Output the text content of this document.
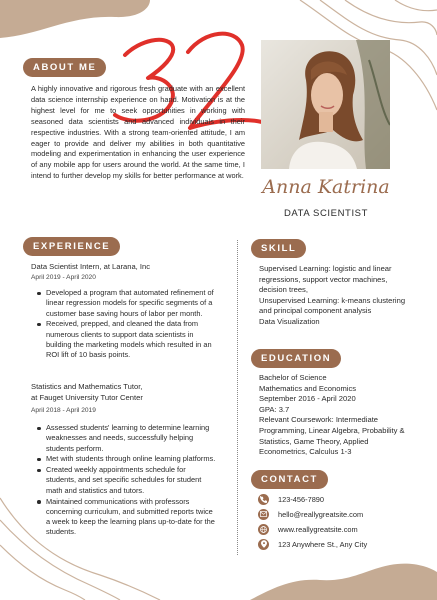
ABOUT ME

A highly innovative and rigorous fresh graduate with an excellent data science internship experience on hand. Motivation is at the highest level for me to seek opportunities in working with seasoned data scientists and advanced individuals in their respective industries. With a strong team-oriented attitude, I am eager to provide and deliver my abilities in both quantitative modeling and experimentation in enhancing the user experience of any mobile app for users around the world. At the same time, I intend to further develop my skills for better performance at work.

Anna Katrina
DATA SCIENTIST
EXPERIENCE
Data Scientist Intern, at Larana, Inc
April 2019 - April 2020
Developed a program that automated refinement of linear regression models for specific segments of a customer base saving hours of labor per month.
Received, prepped, and cleaned the data from numerous clients to support data scientists in building the marketing models which resulted in an ROI lift of 10 basis points.
Statistics and Mathematics Tutor,
at Fauget University Tutor Center
April 2018 - April 2019
Assessed students' learning to determine learning weaknesses and needs, successfully helping students perform.
Met with students through online learning platforms.
Created weekly appointments schedule for students, and set specific schedules for student math and statistics and tutors.
Maintained communications with professors concerning curriculum, and submitted reports twice a week to keep the learning plans up-to-date for the students.
SKILL
Supervised Learning: logistic and linear regressions, support vector machines, decision trees,
Unsupervised Learning: k-means clustering and principal component analysis
Data Visualization
EDUCATION
Bachelor of Science
Mathematics and Economics
September 2016 - April 2020
GPA: 3.7
Relevant Coursework: Intermediate Programming, Linear Algebra, Probability & Statistics, Game Theory, Applied Econometrics, Calculus 1-3
CONTACT
123-456-7890
hello@reallygreatsite.com
www.reallygreatsite.com
123 Anywhere St., Any City
